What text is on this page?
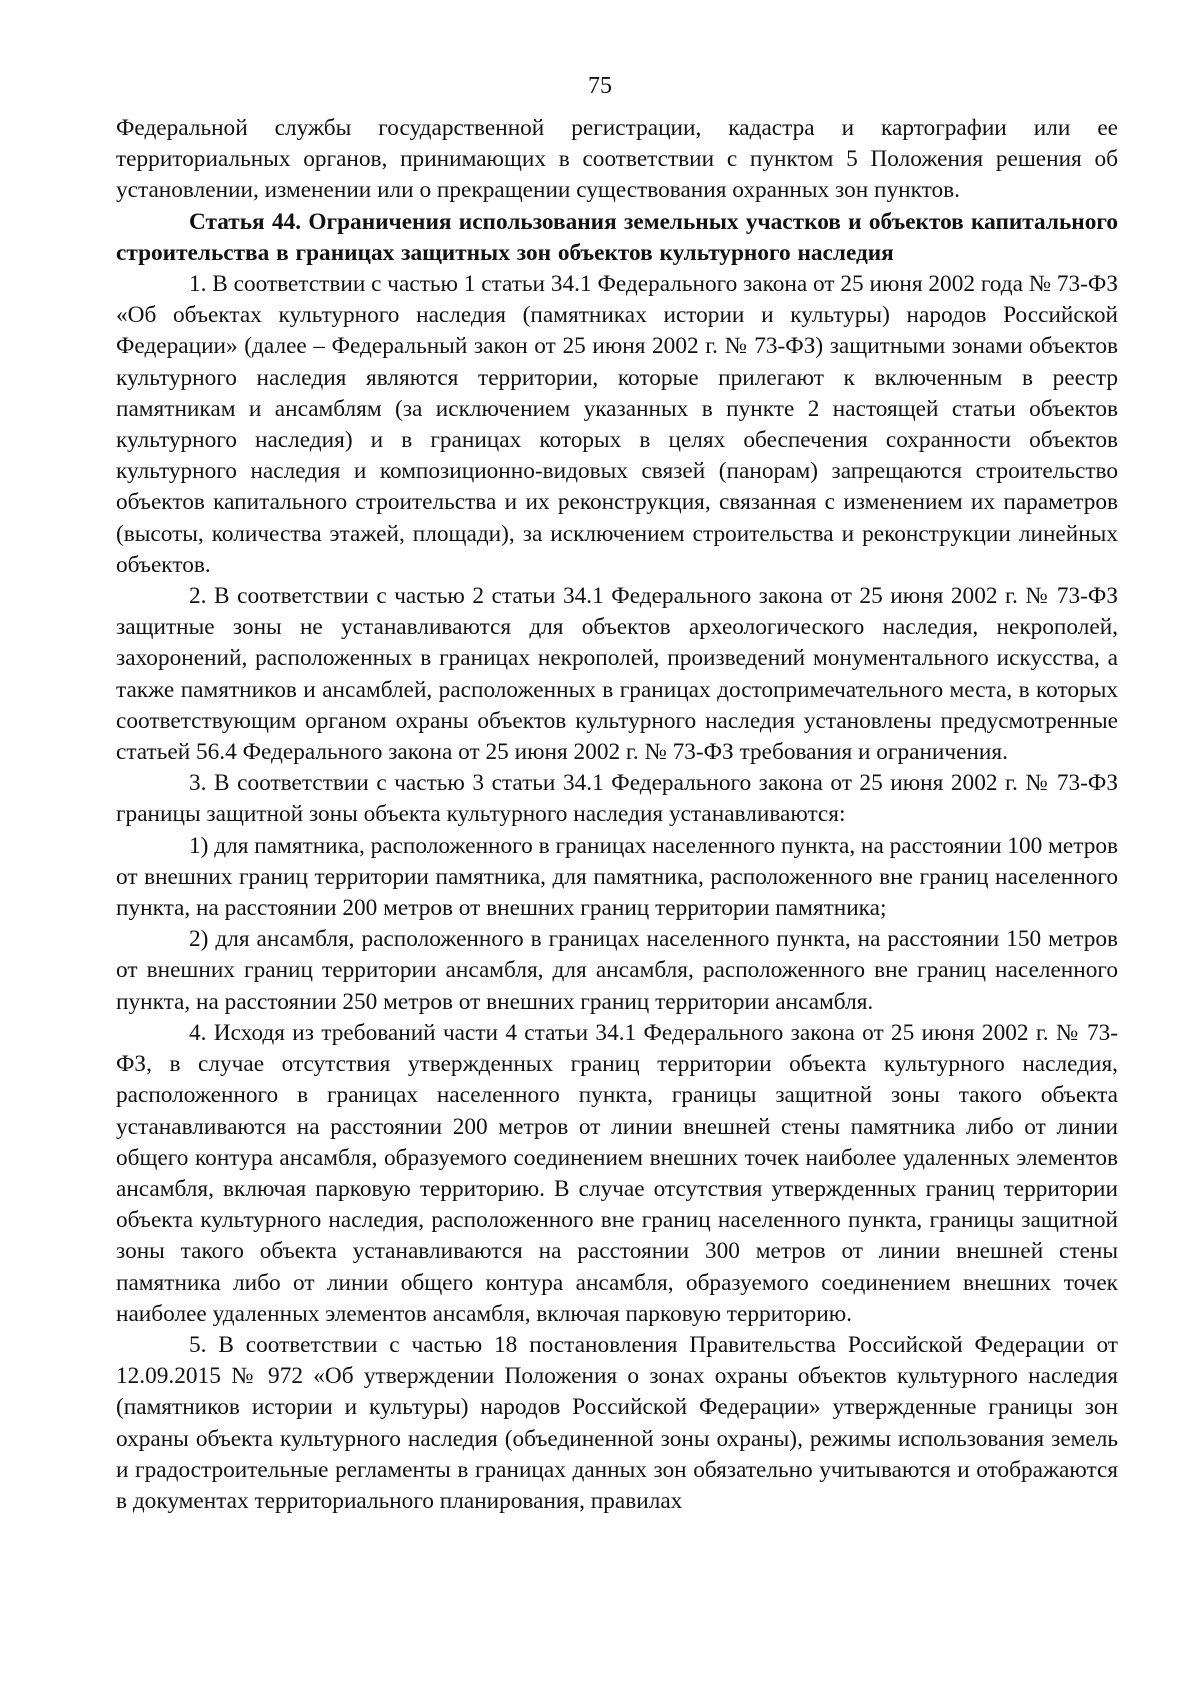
75

Федеральной службы государственной регистрации, кадастра и картографии или ее территориальных органов, принимающих в соответствии с пунктом 5 Положения решения об установлении, изменении или о прекращении существования охранных зон пунктов.

Статья 44. Ограничения использования земельных участков и объектов капитального строительства в границах защитных зон объектов культурного наследия

1. В соответствии с частью 1 статьи 34.1 Федерального закона от 25 июня 2002 года № 73-ФЗ «Об объектах культурного наследия (памятниках истории и культуры) народов Российской Федерации» (далее – Федеральный закон от 25 июня 2002 г. № 73-ФЗ) защитными зонами объектов культурного наследия являются территории, которые прилегают к включенным в реестр памятникам и ансамблям (за исключением указанных в пункте 2 настоящей статьи объектов культурного наследия) и в границах которых в целях обеспечения сохранности объектов культурного наследия и композиционно-видовых связей (панорам) запрещаются строительство объектов капитального строительства и их реконструкция, связанная с изменением их параметров (высоты, количества этажей, площади), за исключением строительства и реконструкции линейных объектов.

2. В соответствии с частью 2 статьи 34.1 Федерального закона от 25 июня 2002 г. № 73-ФЗ защитные зоны не устанавливаются для объектов археологического наследия, некрополей, захоронений, расположенных в границах некрополей, произведений монументального искусства, а также памятников и ансамблей, расположенных в границах достопримечательного места, в которых соответствующим органом охраны объектов культурного наследия установлены предусмотренные статьей 56.4 Федерального закона от 25 июня 2002 г. № 73-ФЗ требования и ограничения.

3. В соответствии с частью 3 статьи 34.1 Федерального закона от 25 июня 2002 г. № 73-ФЗ границы защитной зоны объекта культурного наследия устанавливаются:

1) для памятника, расположенного в границах населенного пункта, на расстоянии 100 метров от внешних границ территории памятника, для памятника, расположенного вне границ населенного пункта, на расстоянии 200 метров от внешних границ территории памятника;

2) для ансамбля, расположенного в границах населенного пункта, на расстоянии 150 метров от внешних границ территории ансамбля, для ансамбля, расположенного вне границ населенного пункта, на расстоянии 250 метров от внешних границ территории ансамбля.

4. Исходя из требований части 4 статьи 34.1 Федерального закона от 25 июня 2002 г. № 73-ФЗ, в случае отсутствия утвержденных границ территории объекта культурного наследия, расположенного в границах населенного пункта, границы защитной зоны такого объекта устанавливаются на расстоянии 200 метров от линии внешней стены памятника либо от линии общего контура ансамбля, образуемого соединением внешних точек наиболее удаленных элементов ансамбля, включая парковую территорию. В случае отсутствия утвержденных границ территории объекта культурного наследия, расположенного вне границ населенного пункта, границы защитной зоны такого объекта устанавливаются на расстоянии 300 метров от линии внешней стены памятника либо от линии общего контура ансамбля, образуемого соединением внешних точек наиболее удаленных элементов ансамбля, включая парковую территорию.

5. В соответствии с частью 18 постановления Правительства Российской Федерации от 12.09.2015 № 972 «Об утверждении Положения о зонах охраны объектов культурного наследия (памятников истории и культуры) народов Российской Федерации» утвержденные границы зон охраны объекта культурного наследия (объединенной зоны охраны), режимы использования земель и градостроительные регламенты в границах данных зон обязательно учитываются и отображаются в документах территориального планирования, правилах
